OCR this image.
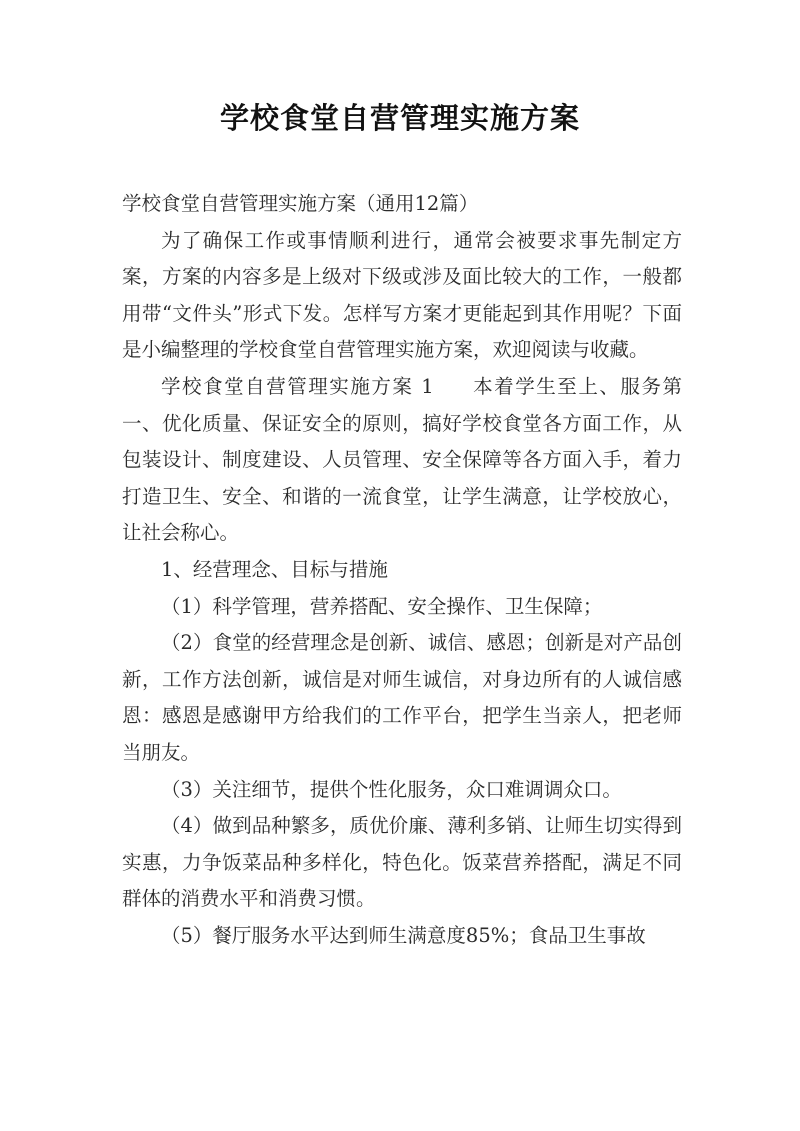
学校食堂自营管理实施方案

学校食堂自营管理实施方案（通用12篇）

为了确保工作或事情顺利进行，通常会被要求事先制定方案，方案的内容多是上级对下级或涉及面比较大的工作，一般都用带“文件头”形式下发。怎样写方案才更能起到其作用呢？下面是小编整理的学校食堂自营管理实施方案，欢迎阅读与收藏。

学校食堂自营管理实施方案 1 本着学生至上、服务第一、优化质量、保证安全的原则，搞好学校食堂各方面工作，从包装设计、制度建设、人员管理、安全保障等各方面入手，着力打造卫生、安全、和谐的一流食堂，让学生满意，让学校放心，让社会称心。

1、经营理念、目标与措施

（1）科学管理，营养搭配、安全操作、卫生保障；

（2）食堂的经营理念是创新、诚信、感恩；创新是对产品创新，工作方法创新，诚信是对师生诚信，对身边所有的人诚信感恩：感恩是感谢甲方给我们的工作平台，把学生当亲人，把老师当朋友。

（3）关注细节，提供个性化服务，众口难调调众口。

（4）做到品种繁多，质优价廉、薄利多销、让师生切实得到实惠，力争饭菜品种多样化，特色化。饭菜营养搭配，满足不同群体的消费水平和消费习惯。

（5）餐厅服务水平达到师生满意度85%；食品卫生事故
